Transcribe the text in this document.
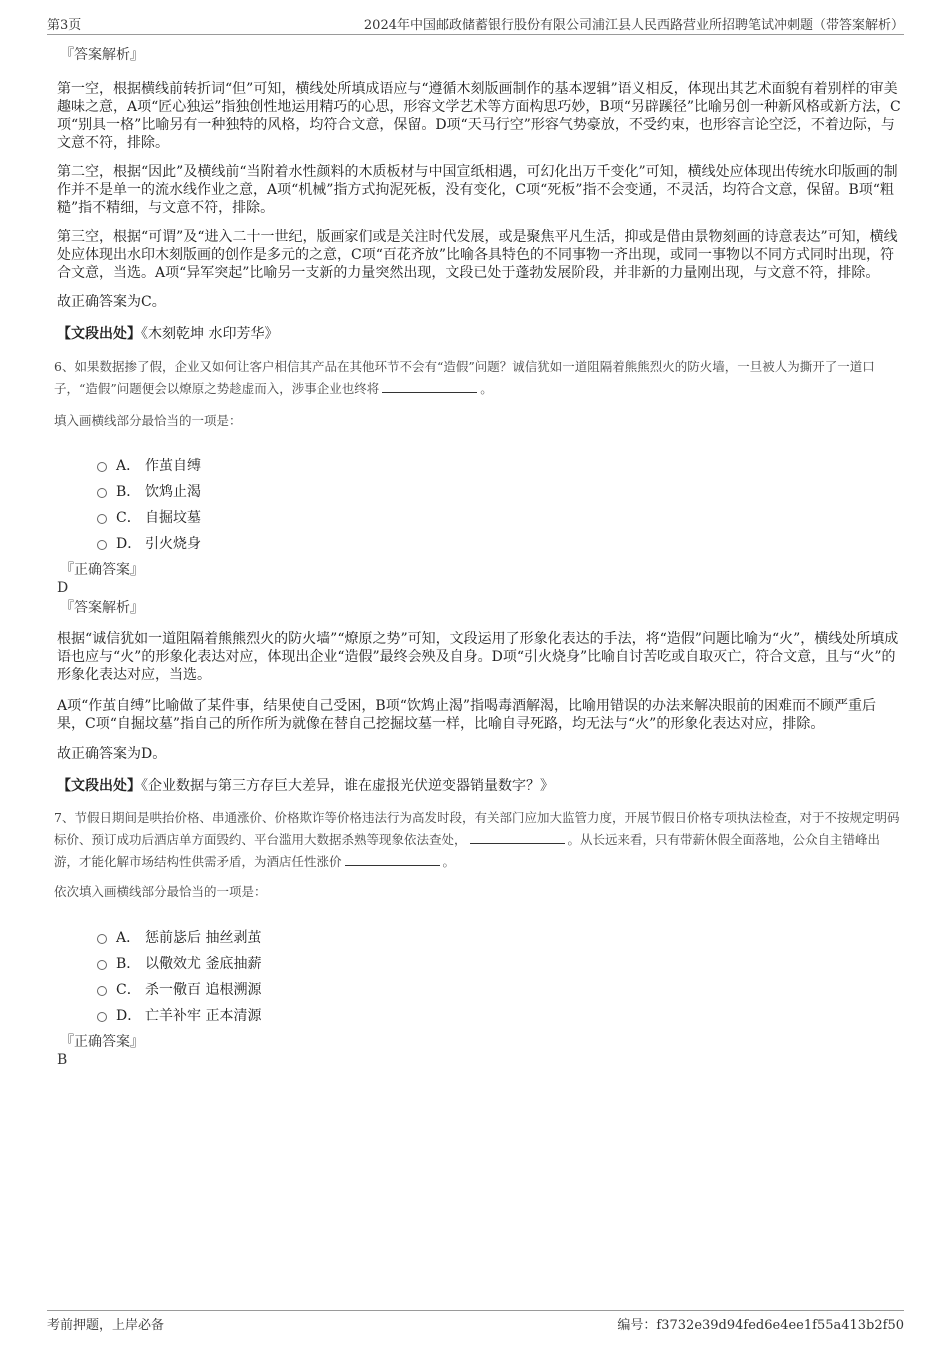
第3页	2024年中国邮政储蓄银行股份有限公司浦江县人民西路营业所招聘笔试冲刺题（带答案解析）
『答案解析』

第一空，根据横线前转折词“但”可知，横线处所填成语应与“遵循木刻版画制作的基本逻辑”语义相反，体现出其艺术面貌有着别样的审美趣味之意，A项“匠心独运”指独创性地运用精巧的心思，形容文学艺术等方面构思巧妙，B项“另辟蹊径”比喻另创一种新风格或新方法，C项“别具一格”比喻另有一种独特的风格，均符合文意，保留。D项“天马行空”形容气势豪放，不受约束，也形容言论空泛，不着边际，与文意不符，排除。

第二空，根据“因此”及横线前“当附着水性颜料的木质板材与中国宣纸相遇，可幻化出万千变化”可知，横线处应体现出传统水印版画的制作并不是单一的流水线作业之意，A项“机械”指方式拘泥死板，没有变化，C项“死板”指不会变通，不灵活，均符合文意，保留。B项“粗糙”指不精细，与文意不符，排除。

第三空，根据“可谓”及“进入二十一世纪，版画家们或是关注时代发展，或是聚焦平凡生活，抑或是借由景物刻画的诗意表达”可知，横线处应体现出水印木刻版画的创作是多元的之意，C项“百花齐放”比喻各具特色的不同事物一齐出现，或同一事物以不同方式同时出现，符合文意，当选。A项“异军突起”比喻另一支新的力量突然出现，文段已处于蓬勃发展阶段，并非新的力量刚出现，与文意不符，排除。

故正确答案为C。

【文段出处】《木刻乾坤 水印芳华》

6、如果数据掺了假，企业又如何让客户相信其产品在其他环节不会有“造假”问题？诚信犹如一道阻隔着熊熊烈火的防火墙，一旦被人为撕开了一道口子，“造假”问题便会以燎原之势趁虚而入，涉事企业也终将	。

填入画横线部分最恰当的一项是：

A． 作茧自缚
B． 饮鸩止渴
C． 自掘坟墓
D． 引火烧身
『正确答案』
D
『答案解析』

根据“诚信犹如一道阻隔着熊熊烈火的防火墙”“燎原之势”可知，文段运用了形象化表达的手法，将“造假”问题比喻为“火”，横线处所填成语也应与“火”的形象化表达对应，体现出企业“造假”最终会殃及自身。D项“引火烧身”比喻自讨苦吃或自取灭亡，符合文意，且与“火”的形象化表达对应，当选。

A项“作茧自缚”比喻做了某件事，结果使自己受困，B项“饮鸩止渴”指喝毒酒解渴，比喻用错误的办法来解决眼前的困难而不顾严重后果，C项“自掘坟墓”指自己的所作所为就像在替自己挖掘坟墓一样，比喻自寻死路，均无法与“火”的形象化表达对应，排除。

故正确答案为D。

【文段出处】《企业数据与第三方存巨大差异，谁在虚报光伏逆变器销量数字？》

7、节假日期间是哄抬价格、串通涨价、价格欺诈等价格违法行为高发时段，有关部门应加大监管力度，开展节假日价格专项执法检查，对于不按规定明码标价、预订成功后酒店单方面毁约、平台滥用大数据杀熟等现象依法查处，	。从长远来看，只有带薪休假全面落地，公众自主错峰出游，才能化解市场结构性供需矛盾，为酒店任性涨价	。

依次填入画横线部分最恰当的一项是：

A． 惩前毖后 抽丝剥茧
B． 以儆效尤 釜底抽薪
C． 杀一儆百 追根溯源
D． 亡羊补牢 正本清源
『正确答案』
B
考前押题，上岸必备	编号：f3732e39d94fed6e4ee1f55a413b2f50
